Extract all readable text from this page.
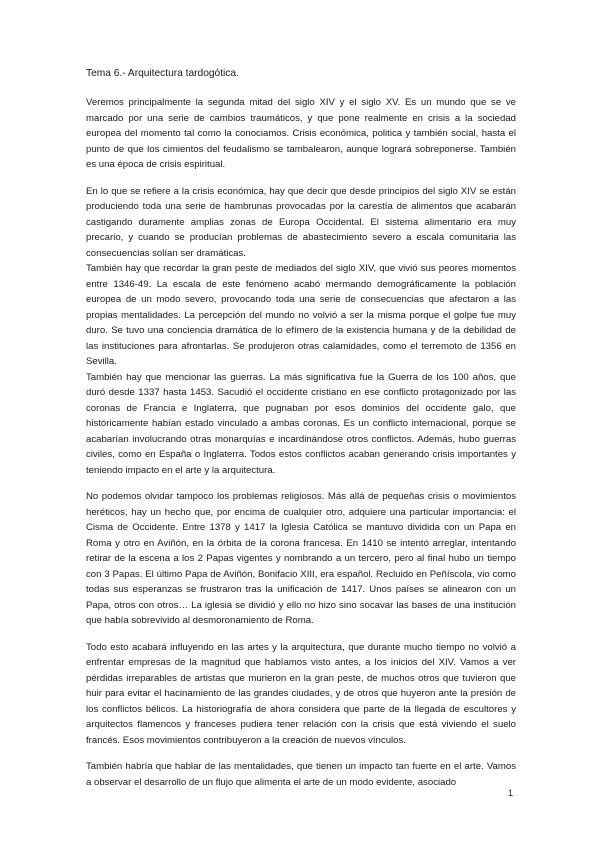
Tema 6.- Arquitectura tardogótica.

Veremos principalmente la segunda mitad del siglo XIV y el siglo XV. Es un mundo que se ve marcado por una serie de cambios traumáticos, y que pone realmente en crisis a la sociedad europea del momento tal como la conociamos. Crisis económica, politica y también social, hasta el punto de que los cimientos del feudalismo se tambalearon, aunque logrará sobreponerse. También es una época de crisis espiritual.

En lo que se refiere a la crisis económica, hay que decir que desde principios del siglo XIV se están produciendo toda una serie de hambrunas provocadas por la carestía de alimentos que acabarán castigando duramente amplias zonas de Europa Occidental. El sistema alimentario era muy precario, y cuando se producían problemas de abastecimiento severo a escala comunitaria las consecuencias solían ser dramáticas.

También hay que recordar la gran peste de mediados del siglo XIV, que vivió sus peores momentos entre 1346-49. La escala de este fenómeno acabó mermando demográficamente la población europea de un modo severo, provocando toda una serie de consecuencias que afectaron a las propias mentalidades. La percepción del mundo no volvió a ser la misma porque el golpe fue muy duro. Se tuvo una conciencia dramática de lo efímero de la existencia humana y de la debilidad de las instituciones para afrontarlas. Se produjeron otras calamidades, como el terremoto de 1356 en Sevilla.

También hay que mencionar las guerras. La más significativa fue la Guerra de los 100 años, que duró desde 1337 hasta 1453. Sacudió el occidente cristiano en ese conflicto protagonizado por las coronas de Francia e Inglaterra, que pugnaban por esos dominios del occidente galo, que históricamente habían estado vinculado a ambas coronas. Es un conflicto internacional, porque se acabarían involucrando otras monarquías e incardinándose otros conflictos. Además, hubo guerras civiles, como en España o Inglaterra. Todos estos conflictos acaban generando crisis importantes y teniendo impacto en el arte y la arquitectura.

No podemos olvidar tampoco los problemas religiosos. Más allá de pequeñas crisis o movimientos heréticos, hay un hecho que, por encima de cualquier otro, adquiere una particular importancia: el Cisma de Occidente. Entre 1378 y 1417 la Iglesia Católica se mantuvo dividida con un Papa en Roma y otro en Aviñón, en la órbita de la corona francesa. En 1410 se intentó arreglar, intentando retirar de la escena a los 2 Papas vigentes y nombrando a un tercero, pero al final hubo un tiempo con 3 Papas. El último Papa de Aviñón, Bonifacio XIII, era español. Recluido en Peñíscola, vio como todas sus esperanzas se frustraron tras la unificación de 1417. Unos países se alinearon con un Papa, otros con otros… La iglesia se dividió y ello no hizo sino socavar las bases de una institución que había sobrevivido al desmoronamiento de Roma.

Todo esto acabará influyendo en las artes y la arquitectura, que durante mucho tiempo no volvió a enfrentar empresas de la magnitud que habíamos visto antes, a los inicios del XIV. Vamos a ver pérdidas irreparables de artistas que murieron en la gran peste, de muchos otros que tuvieron que huir para evitar el hacinamiento de las grandes ciudades, y de otros que huyeron ante la presión de los conflictos bélicos. La historiografía de ahora considera que parte de la llegada de escultores y arquitectos flamencos y franceses pudiera tener relación con la crisis que está viviendo el suelo francés. Esos movimientos contribuyeron a la creación de nuevos vínculos.

También habría que hablar de las mentalidades, que tienen un impacto tan fuerte en el arte. Vamos a observar el desarrollo de un flujo que alimenta el arte de un modo evidente, asociado

1
